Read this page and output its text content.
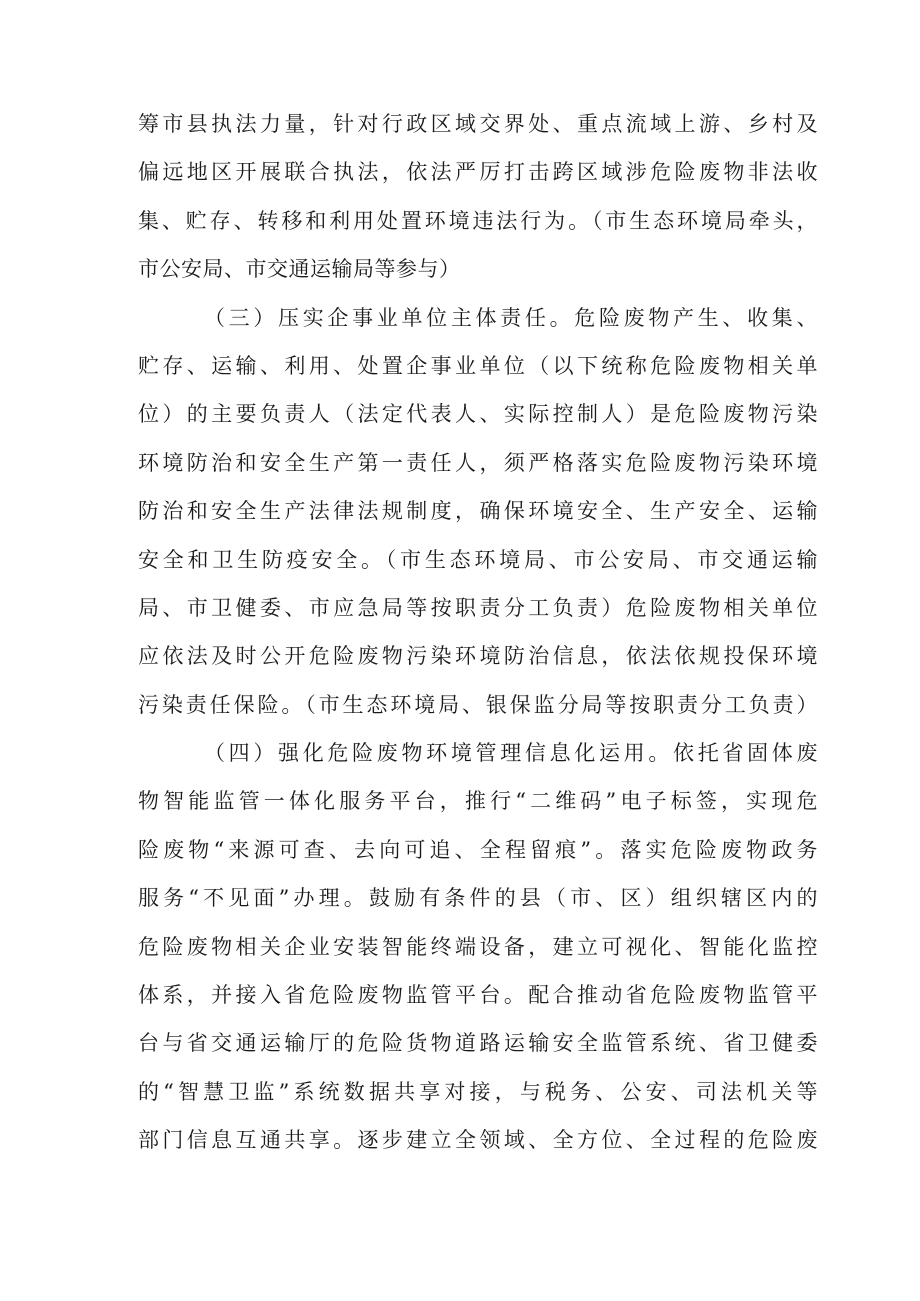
筹市县执法力量，针对行政区域交界处、重点流域上游、乡村及
偏远地区开展联合执法，依法严厉打击跨区域涉危险废物非法收
集、贮存、转移和利用处置环境违法行为。（市生态环境局牵头，
市公安局、市交通运输局等参与）
（三）压实企事业单位主体责任。危险废物产生、收集、
贮存、运输、利用、处置企事业单位（以下统称危险废物相关单
位）的主要负责人（法定代表人、实际控制人）是危险废物污染
环境防治和安全生产第一责任人，须严格落实危险废物污染环境
防治和安全生产法律法规制度，确保环境安全、生产安全、运输
安全和卫生防疫安全。（市生态环境局、市公安局、市交通运输
局、市卫健委、市应急局等按职责分工负责）危险废物相关单位
应依法及时公开危险废物污染环境防治信息，依法依规投保环境
污染责任保险。（市生态环境局、银保监分局等按职责分工负责）
（四）强化危险废物环境管理信息化运用。依托省固体废
物智能监管一体化服务平台，推行“二维码”电子标签，实现危
险废物“来源可查、去向可追、全程留痕”。落实危险废物政务
服务“不见面”办理。鼓励有条件的县（市、区）组织辖区内的
危险废物相关企业安装智能终端设备，建立可视化、智能化监控
体系，并接入省危险废物监管平台。配合推动省危险废物监管平
台与省交通运输厅的危险货物道路运输安全监管系统、省卫健委
的“智慧卫监”系统数据共享对接，与税务、公安、司法机关等
部门信息互通共享。逐步建立全领域、全方位、全过程的危险废
